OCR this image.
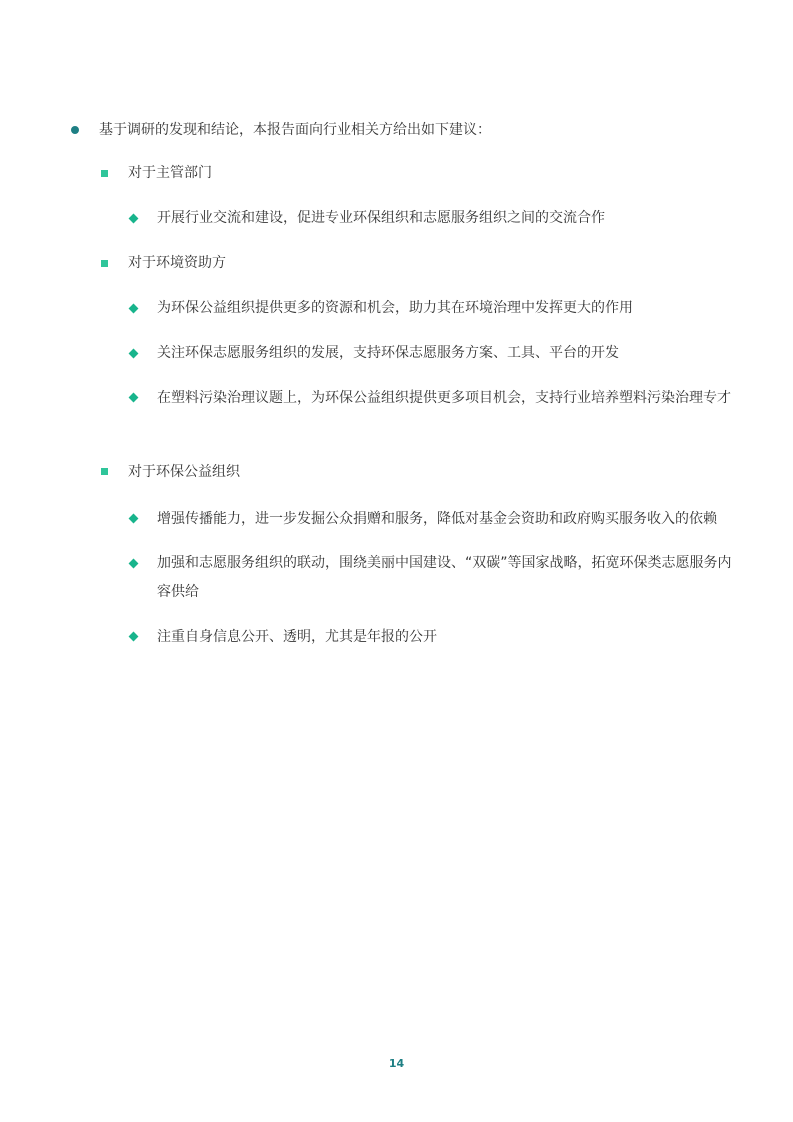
基于调研的发现和结论，本报告面向行业相关方给出如下建议：
对于主管部门
开展行业交流和建设，促进专业环保组织和志愿服务组织之间的交流合作
对于环境资助方
为环保公益组织提供更多的资源和机会，助力其在环境治理中发挥更大的作用
关注环保志愿服务组织的发展，支持环保志愿服务方案、工具、平台的开发
在塑料污染治理议题上，为环保公益组织提供更多项目机会，支持行业培养塑料污染治理专才
对于环保公益组织
增强传播能力，进一步发掘公众捐赠和服务，降低对基金会资助和政府购买服务收入的依赖
加强和志愿服务组织的联动，围绕美丽中国建设、“双碳”等国家战略，拓宽环保类志愿服务内容供给
注重自身信息公开、透明，尤其是年报的公开
14
